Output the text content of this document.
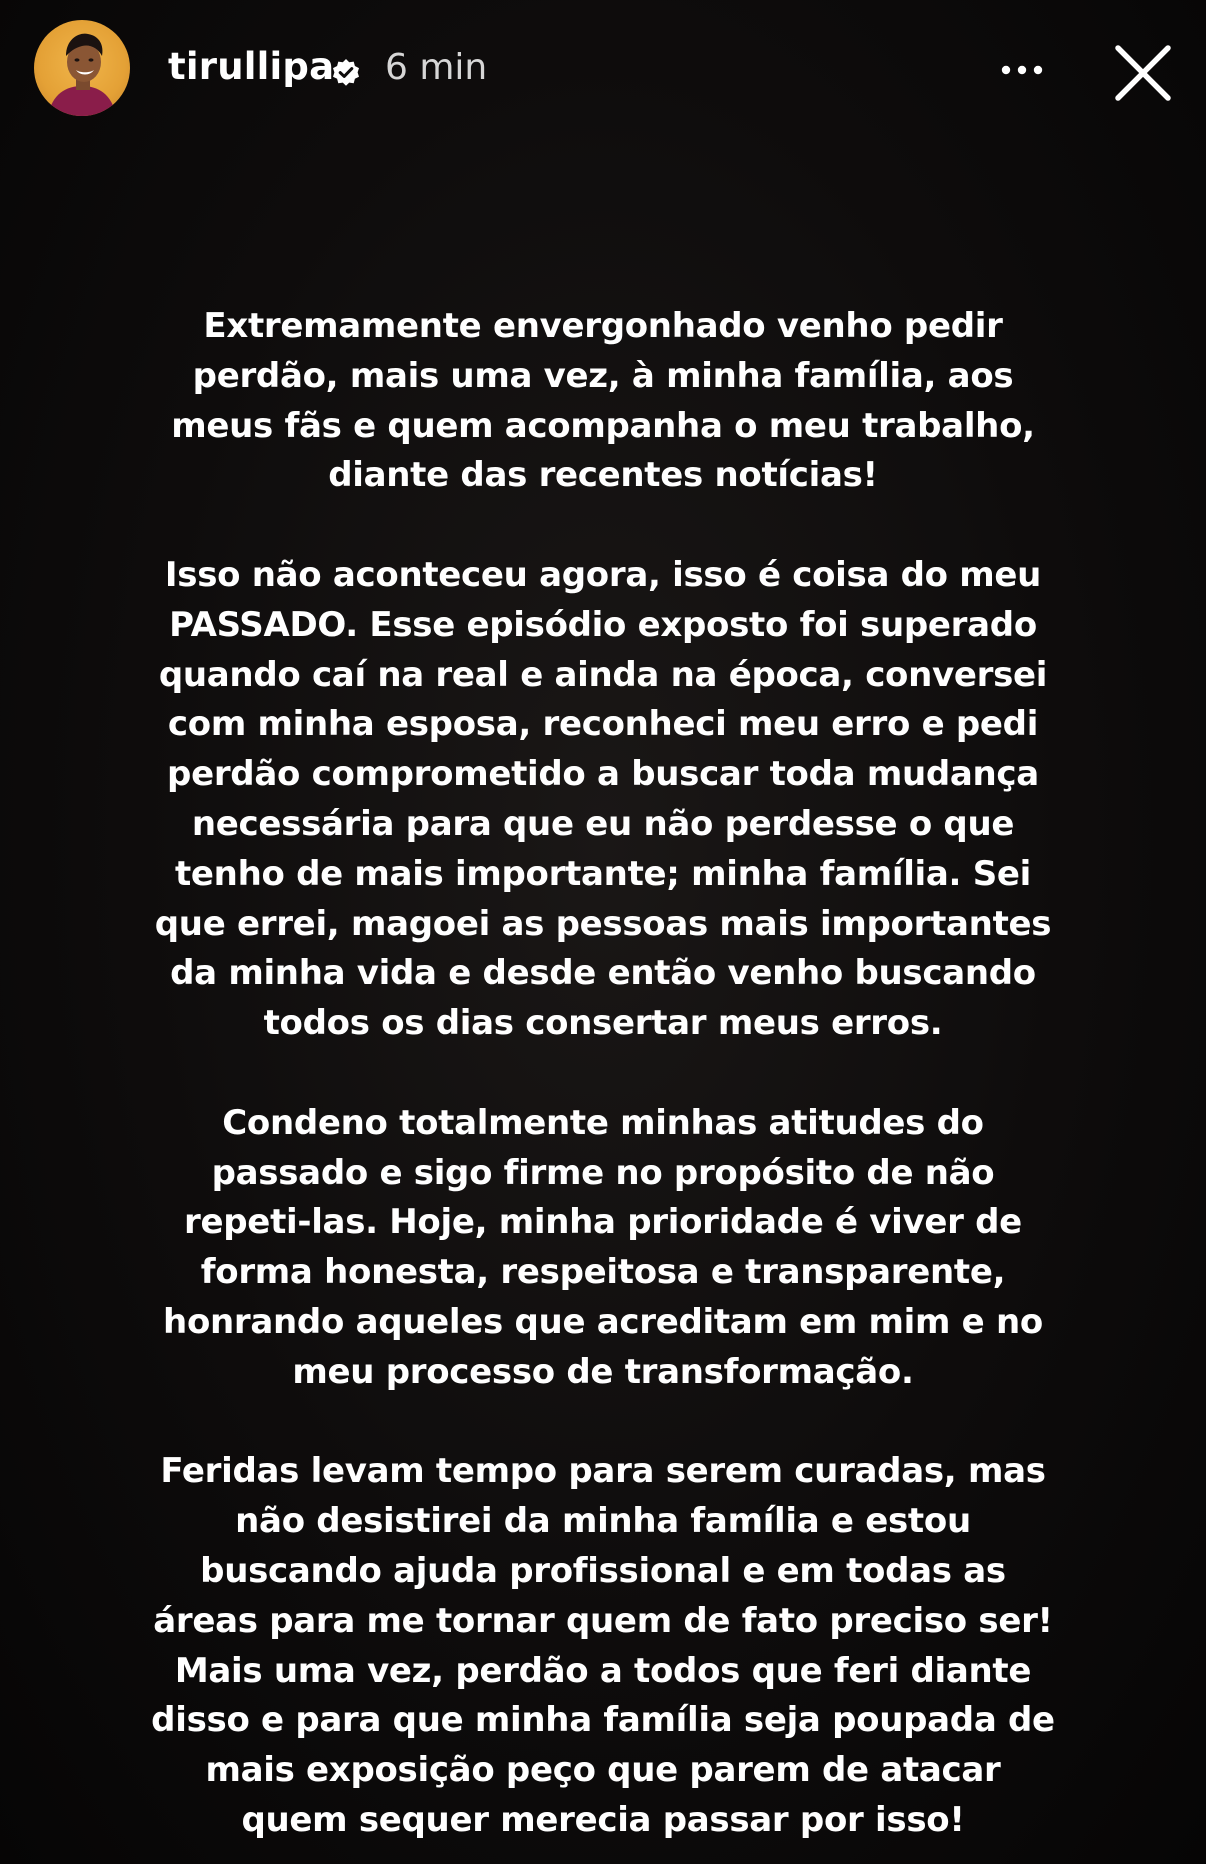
tirullipa 6 min
Extremamente envergonhado venho pedir
perdão, mais uma vez, à minha família, aos
meus fãs e quem acompanha o meu trabalho,
diante das recentes notícias!
Isso não aconteceu agora, isso é coisa do meu
PASSADO. Esse episódio exposto foi superado
quando caí na real e ainda na época, conversei
com minha esposa, reconheci meu erro e pedi
perdão comprometido a buscar toda mudança
necessária para que eu não perdesse o que
tenho de mais importante; minha família. Sei
que errei, magoei as pessoas mais importantes
da minha vida e desde então venho buscando
todos os dias consertar meus erros.
Condeno totalmente minhas atitudes do
passado e sigo firme no propósito de não
repeti-las. Hoje, minha prioridade é viver de
forma honesta, respeitosa e transparente,
honrando aqueles que acreditam em mim e no
meu processo de transformação.
Feridas levam tempo para serem curadas, mas
não desistirei da minha família e estou
buscando ajuda profissional e em todas as
áreas para me tornar quem de fato preciso ser!
Mais uma vez, perdão a todos que feri diante
disso e para que minha família seja poupada de
mais exposição peço que parem de atacar
quem sequer merecia passar por isso!
